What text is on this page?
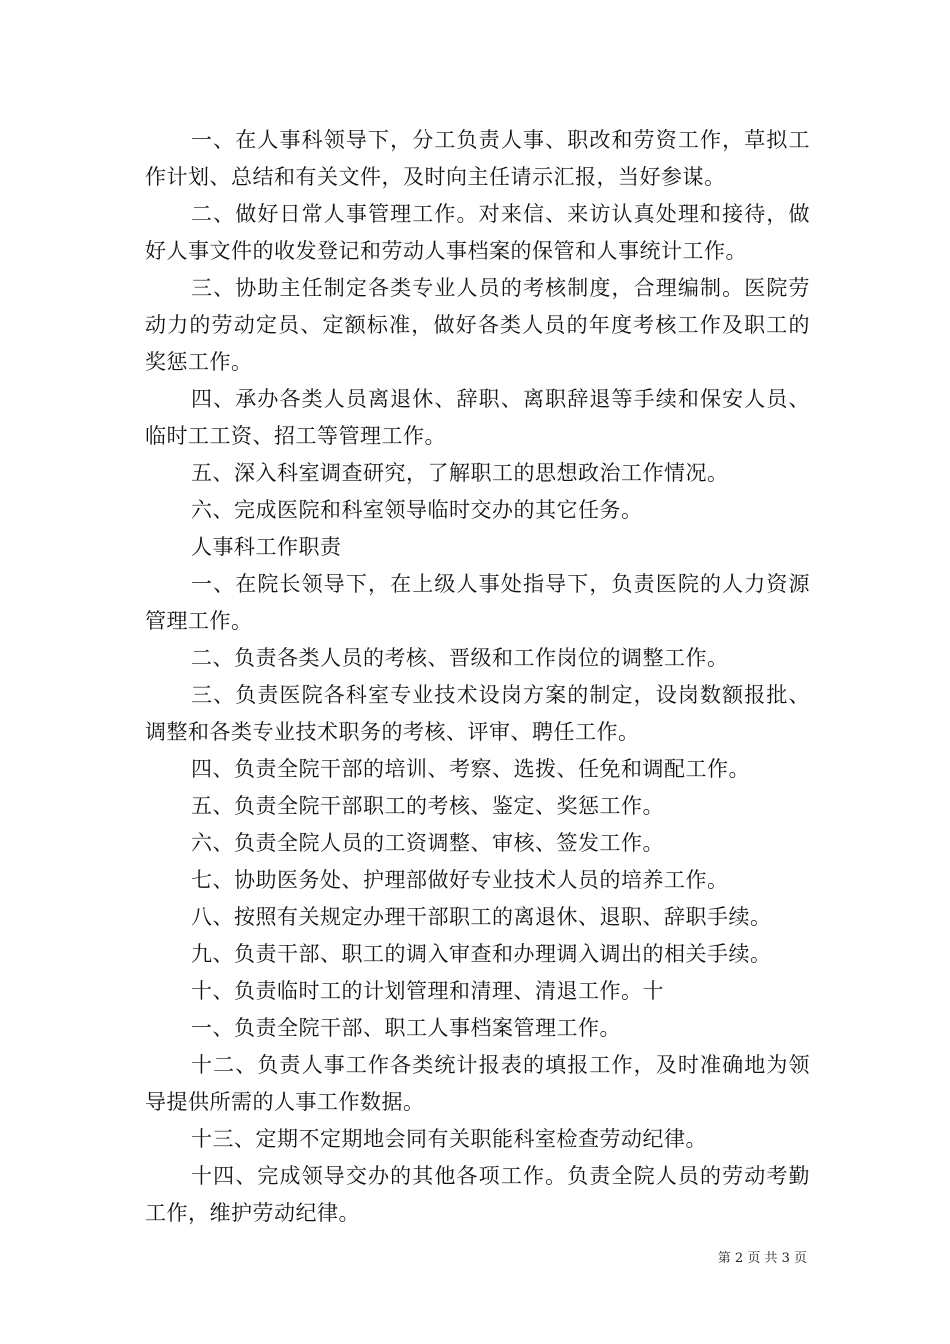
一、在人事科领导下，分工负责人事、职改和劳资工作，草拟工作计划、总结和有关文件，及时向主任请示汇报，当好参谋。

二、做好日常人事管理工作。对来信、来访认真处理和接待，做好人事文件的收发登记和劳动人事档案的保管和人事统计工作。

三、协助主任制定各类专业人员的考核制度，合理编制。医院劳动力的劳动定员、定额标准，做好各类人员的年度考核工作及职工的奖惩工作。

四、承办各类人员离退休、辞职、离职辞退等手续和保安人员、临时工工资、招工等管理工作。

五、深入科室调查研究，了解职工的思想政治工作情况。

六、完成医院和科室领导临时交办的其它任务。

人事科工作职责

一、在院长领导下，在上级人事处指导下，负责医院的人力资源管理工作。

二、负责各类人员的考核、晋级和工作岗位的调整工作。

三、负责医院各科室专业技术设岗方案的制定，设岗数额报批、调整和各类专业技术职务的考核、评审、聘任工作。

四、负责全院干部的培训、考察、选拨、任免和调配工作。

五、负责全院干部职工的考核、鉴定、奖惩工作。

六、负责全院人员的工资调整、审核、签发工作。

七、协助医务处、护理部做好专业技术人员的培养工作。

八、按照有关规定办理干部职工的离退休、退职、辞职手续。

九、负责干部、职工的调入审查和办理调入调出的相关手续。

十、负责临时工的计划管理和清理、清退工作。十

一、负责全院干部、职工人事档案管理工作。

十二、负责人事工作各类统计报表的填报工作，及时准确地为领导提供所需的人事工作数据。

十三、定期不定期地会同有关职能科室检查劳动纪律。

十四、完成领导交办的其他各项工作。负责全院人员的劳动考勤工作，维护劳动纪律。

第 2 页 共 3 页
